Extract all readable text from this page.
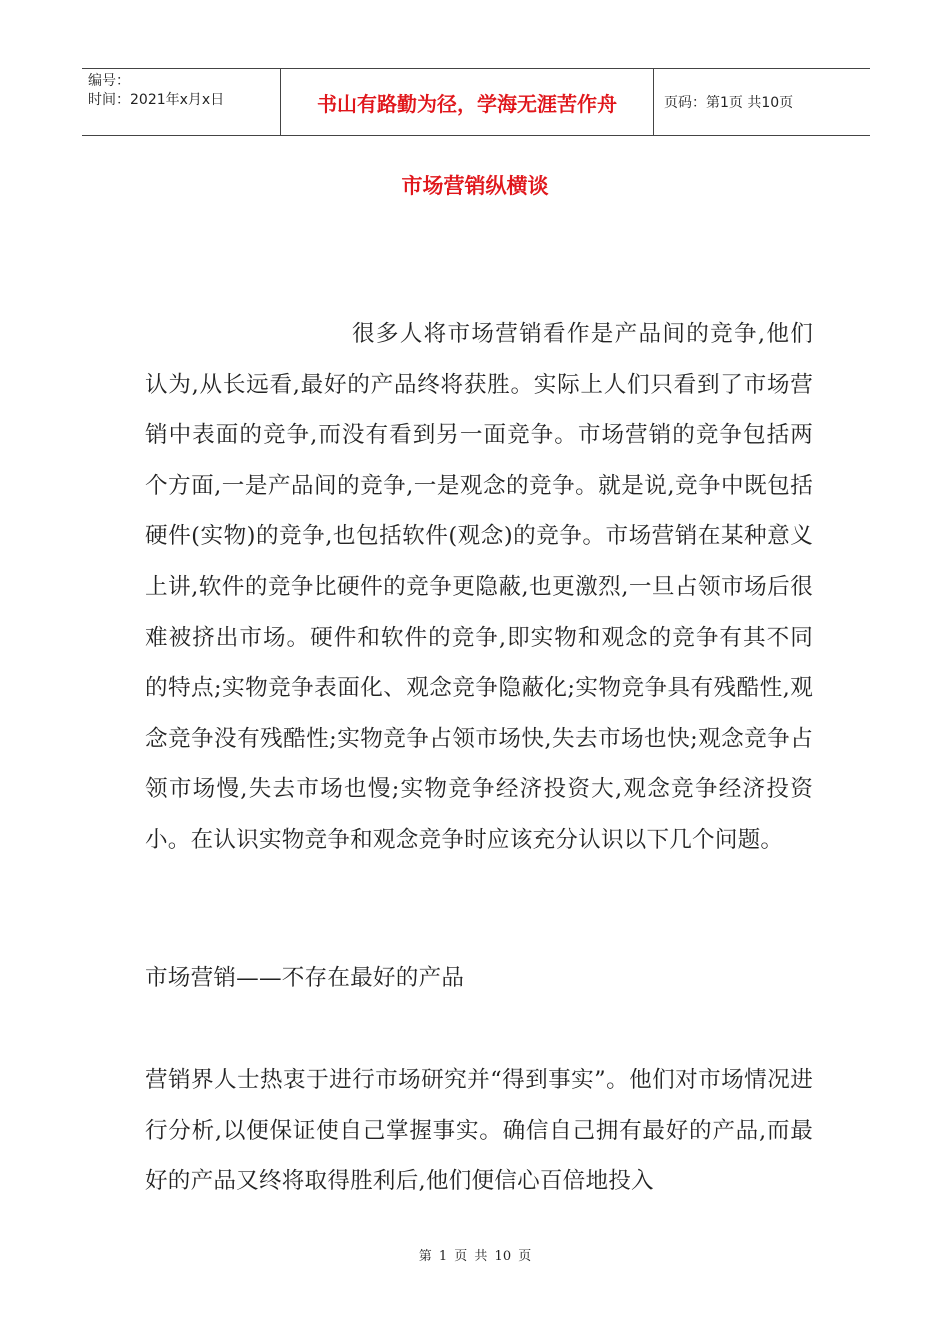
编号：
时间：2021年x月x日	书山有路勤为径，学海无涯苦作舟	页码：第1页 共10页
市场营销纵横谈

很多人将市场营销看作是产品间的竞争,他们认为,从长远看,最好的产品终将获胜。实际上人们只看到了市场营销中表面的竞争,而没有看到另一面竞争。市场营销的竞争包括两个方面,一是产品间的竞争,一是观念的竞争。就是说,竞争中既包括硬件(实物)的竞争,也包括软件(观念)的竞争。市场营销在某种意义上讲,软件的竞争比硬件的竞争更隐蔽,也更激烈,一旦占领市场后很难被挤出市场。硬件和软件的竞争,即实物和观念的竞争有其不同的特点;实物竞争表面化、观念竞争隐蔽化;实物竞争具有残酷性,观念竞争没有残酷性;实物竞争占领市场快,失去市场也快;观念竞争占领市场慢,失去市场也慢;实物竞争经济投资大,观念竞争经济投资小。在认识实物竞争和观念竞争时应该充分认识以下几个问题。

市场营销——不存在最好的产品

营销界人士热衷于进行市场研究并“得到事实”。他们对市场情况进行分析,以便保证使自己掌握事实。确信自己拥有最好的产品,而最好的产品又终将取得胜利后,他们便信心百倍地投入

第 1 页 共 10 页
